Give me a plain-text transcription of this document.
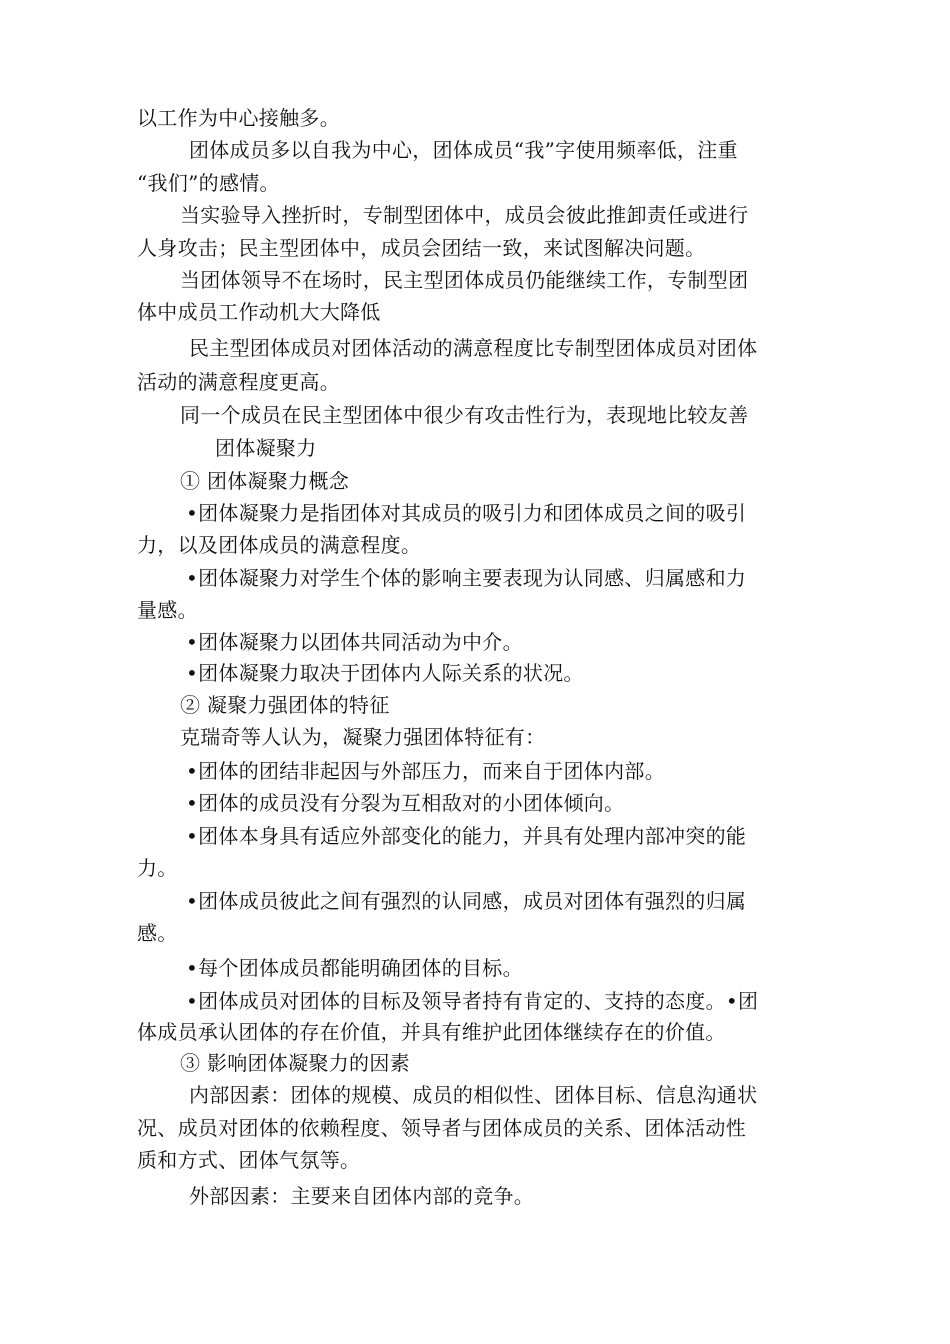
以工作为中心接触多。
团体成员多以自我为中心，团体成员“我”字使用频率低，注重
“我们”的感情。
当实验导入挫折时，专制型团体中，成员会彼此推卸责任或进行
人身攻击；民主型团体中，成员会团结一致，来试图解决问题。
当团体领导不在场时，民主型团体成员仍能继续工作，专制型团
体中成员工作动机大大降低
民主型团体成员对团体活动的满意程度比专制型团体成员对团体
活动的满意程度更高。
同一个成员在民主型团体中很少有攻击性行为，表现地比较友善
团体凝聚力
① 团体凝聚力概念
•团体凝聚力是指团体对其成员的吸引力和团体成员之间的吸引
力，以及团体成员的满意程度。
•团体凝聚力对学生个体的影响主要表现为认同感、归属感和力
量感。
•团体凝聚力以团体共同活动为中介。
•团体凝聚力取决于团体内人际关系的状况。
② 凝聚力强团体的特征
克瑞奇等人认为，凝聚力强团体特征有：
•团体的团结非起因与外部压力，而来自于团体内部。
•团体的成员没有分裂为互相敌对的小团体倾向。
•团体本身具有适应外部变化的能力，并具有处理内部冲突的能
力。
•团体成员彼此之间有强烈的认同感，成员对团体有强烈的归属
感。
•每个团体成员都能明确团体的目标。
•团体成员对团体的目标及领导者持有肯定的、支持的态度。•团
体成员承认团体的存在价值，并具有维护此团体继续存在的价值。
③ 影响团体凝聚力的因素
内部因素：团体的规模、成员的相似性、团体目标、信息沟通状
况、成员对团体的依赖程度、领导者与团体成员的关系、团体活动性
质和方式、团体气氛等。
外部因素：主要来自团体内部的竞争。
